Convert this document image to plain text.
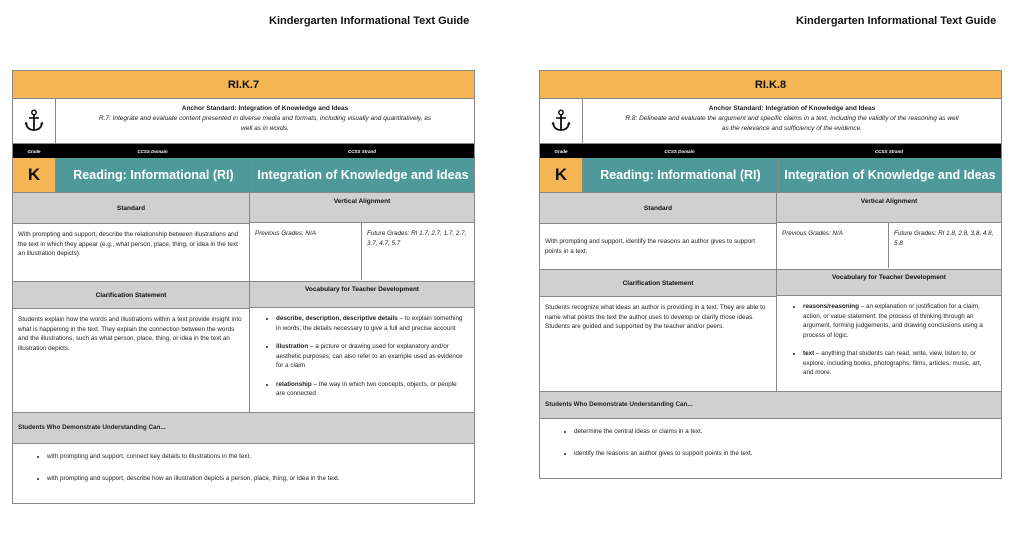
Kindergarten Informational Text Guide
RI.K.7
Anchor Standard: Integration of Knowledge and Ideas
R.7: Integrate and evaluate content presented in diverse media and formats, including visually and quantitatively, as well as in words.
Grade	CCSS Domain	CCSS Strand
K	Reading: Informational (RI)	Integration of Knowledge and Ideas
Standard
With prompting and support, describe the relationship between illustrations and the text in which they appear (e.g., what person, place, thing, or idea in the text an illustration depicts).
Vertical Alignment
Previous Grades: N/A	Future Grades: RI 1.7, 2.7, 1.7, 2.7, 3.7, 4.7, 5.7
Clarification Statement
Students explain how the words and illustrations within a text provide insight into what is happening in the text. They explain the connection between the words and the illustrations, such as what person, place, thing, or idea in the text an illustration depicts.
Vocabulary for Teacher Development
• describe, description, descriptive details – to explain something in words; the details necessary to give a full and precise account
• illustration – a picture or drawing used for explanatory and/or aesthetic purposes; can also refer to an example used as evidence for a claim
• relationship – the way in which two concepts, objects, or people are connected
Students Who Demonstrate Understanding Can...
• with prompting and support, connect key details to illustrations in the text.
• with prompting and support, describe how an illustration depicts a person, place, thing, or idea in the text.
Kindergarten Informational Text Guide
RI.K.8
Anchor Standard: Integration of Knowledge and Ideas
R.8: Delineate and evaluate the argument and specific claims in a text, including the validity of the reasoning as well as the relevance and sufficiency of the evidence.
Grade	CCSS Domain	CCSS Strand
K	Reading: Informational (RI)	Integration of Knowledge and Ideas
Standard
With prompting and support, identify the reasons an author gives to support points in a text.
Vertical Alignment
Previous Grades: N/A	Future Grades: RI 1.8, 2.8, 3.8, 4.8, 5.8
Clarification Statement
Students recognize what ideas an author is providing in a text. They are able to name what points the text the author uses to develop or clarify those ideas. Students are guided and supported by the teacher and/or peers.
Vocabulary for Teacher Development
• reasons/reasoning – an explanation or justification for a claim, action, or value statement; the process of thinking through an argument, forming judgements, and drawing conclusions using a process of logic.
• text – anything that students can read, write, view, listen to, or explore, including books, photographs, films, articles, music, art, and more.
Students Who Demonstrate Understanding Can...
• determine the central ideas or claims in a text.
• identify the reasons an author gives to support points in the text.
